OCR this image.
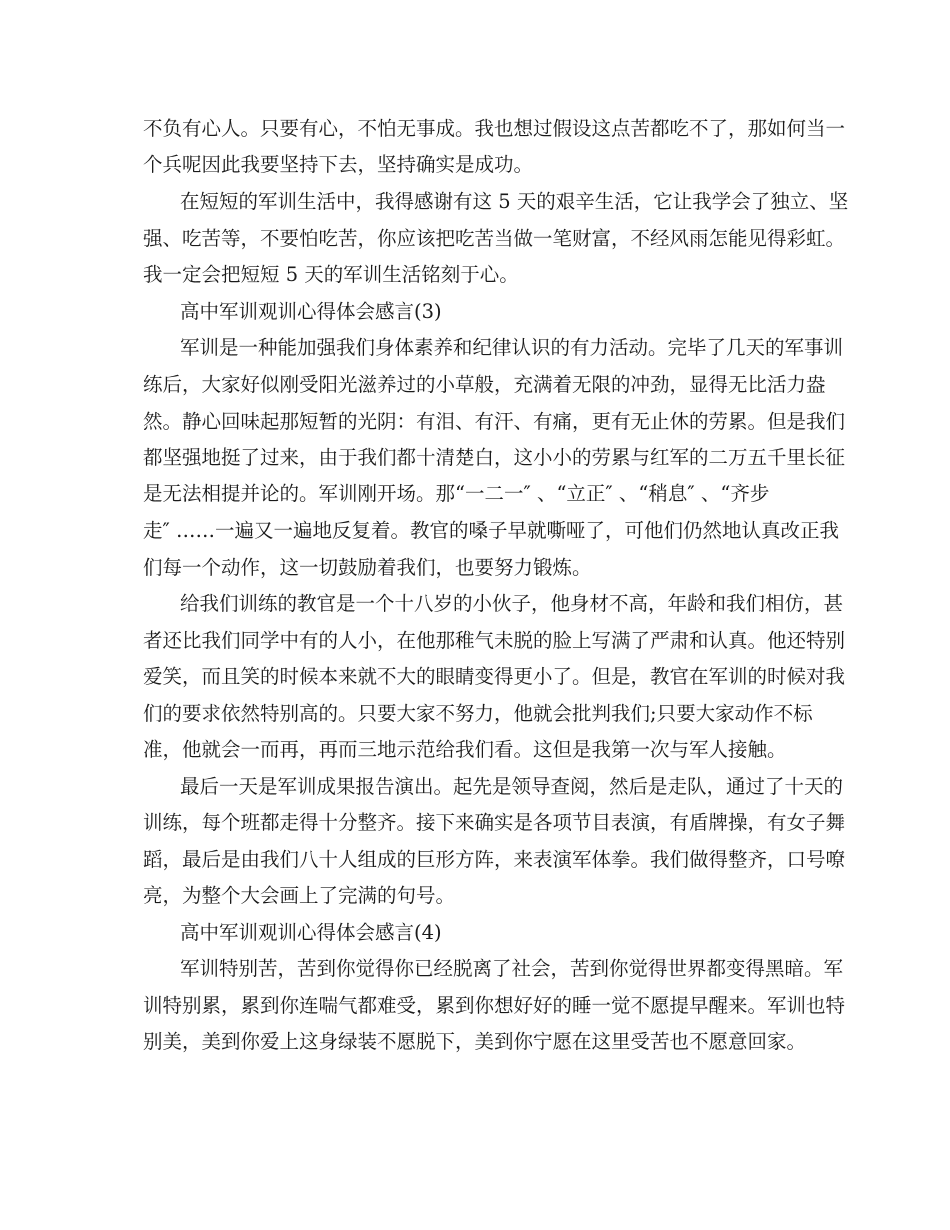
不负有心人。只要有心，不怕无事成。我也想过假设这点苦都吃不了，那如何当一
个兵呢因此我要坚持下去，坚持确实是成功。
在短短的军训生活中，我得感谢有这 5 天的艰辛生活，它让我学会了独立、坚
强、吃苦等，不要怕吃苦，你应该把吃苦当做一笔财富，不经风雨怎能见得彩虹。
我一定会把短短 5 天的军训生活铭刻于心。
高中军训观训心得体会感言(3)
军训是一种能加强我们身体素养和纪律认识的有力活动。完毕了几天的军事训
练后，大家好似刚受阳光滋养过的小草般，充满着无限的冲劲，显得无比活力盎
然。静心回味起那短暂的光阴：有泪、有汗、有痛，更有无止休的劳累。但是我们
都坚强地挺了过来，由于我们都十清楚白，这小小的劳累与红军的二万五千里长征
是无法相提并论的。军训刚开场。那“一二一″ 、“立正″ 、“稍息″ 、“齐步
走″ ……一遍又一遍地反复着。教官的嗓子早就嘶哑了，可他们仍然地认真改正我
们每一个动作，这一切鼓励着我们，也要努力锻炼。
给我们训练的教官是一个十八岁的小伙子，他身材不高，年龄和我们相仿，甚
者还比我们同学中有的人小，在他那稚气未脱的脸上写满了严肃和认真。他还特别
爱笑，而且笑的时候本来就不大的眼睛变得更小了。但是，教官在军训的时候对我
们的要求依然特别高的。只要大家不努力，他就会批判我们;只要大家动作不标
准，他就会一而再，再而三地示范给我们看。这但是我第一次与军人接触。
最后一天是军训成果报告演出。起先是领导查阅，然后是走队，通过了十天的
训练，每个班都走得十分整齐。接下来确实是各项节目表演，有盾牌操，有女子舞
蹈，最后是由我们八十人组成的巨形方阵，来表演军体拳。我们做得整齐，口号嘹
亮，为整个大会画上了完满的句号。
高中军训观训心得体会感言(4)
军训特别苦，苦到你觉得你已经脱离了社会，苦到你觉得世界都变得黑暗。军
训特别累，累到你连喘气都难受，累到你想好好的睡一觉不愿提早醒来。军训也特
别美，美到你爱上这身绿装不愿脱下，美到你宁愿在这里受苦也不愿意回家。
